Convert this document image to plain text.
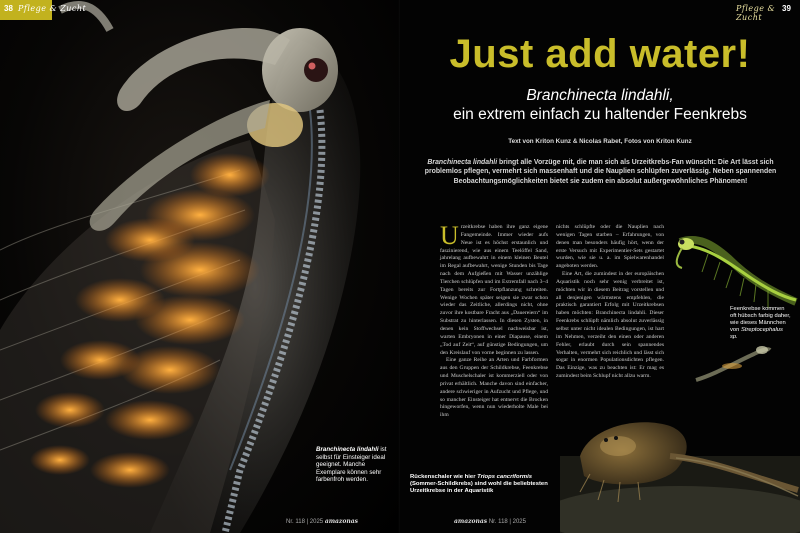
38 Pflege & Zucht
Branchinecta lindahli ist selbst für Einsteiger ideal geeignet. Manche Exemplare können sehr farbenfroh werden.
Nr. 118 | 2025 amazonas
Pflege & Zucht
39
Just add water!
Branchinecta lindahli,
ein extrem einfach zu haltender Feenkrebs
Text von Kriton Kunz & Nicolas Rabet, Fotos von Kriton Kunz
Branchinecta lindahli bringt alle Vorzüge mit, die man sich als Urzeitkrebs-Fan wünscht: Die Art lässt sich problemlos pflegen, vermehrt sich massenhaft und die Nauplien schlüpfen zuverlässig. Neben spannenden Beobachtungsmöglichkeiten bietet sie zudem ein absolut außergewöhnliches Phänomen!
U rzeitkrebse haben ihre ganz eigene Fangemeinde. Immer wieder aufs Neue ist es höchst erstaunlich und faszinierend, wie aus einem Teelöffel Sand, jahrelang aufbewahrt in einem kleinen Beutel im Regal aufbewahrt, wenige Stunden bis Tage nach dem Aufgießen mit Wasser unzählige Tierchen schlüpfen und im Extremfall nach 3–4 Tagen bereits zur Fortpflanzung schreiten. Wenige Wochen später seigen sie zwar schon wieder das Zeitliche, allerdings nicht, ohne zuvor ihre kostbare Fracht aus „Dauereiern“ im Substrat zu hinterlassen. In diesen Zysten, in denen kein Stoffwechsel nachweisbar ist, warten Embryonen in einer Diapause, einem „Tod auf Zeit“, auf günstige Bedingungen, um den Kreislauf von vorne beginnen zu lassen.

Eine ganze Reihe an Arten und Farbformen aus den Gruppen der Schildkrebse, Feenkrebse und Muschelschaler ist kommerziell oder von privat erhältlich. Manche davon sind einfacher, andere schwieriger in Aufzucht und Pflege, und so mancher Einsteiger hat entnervt die Brocken hingeworfen, wenn nun wiederholte Male bei ihm

nichts schlüpfte oder die Nauplien nach wenigen Tagen starben – Erfahrungen, von denen man besonders häufig hört, wenn der erste Versuch mit Experimentier-Sets gestartet wurden, wie sie u. a. im Spielwarenhandel angeboten werden.

Eine Art, die zumindest in der europäischen Aquaristik noch sehr wenig verbreitet ist, möchten wir in diesem Beitrag vorstellen und all denjenigen wärmstens empfehlen, die praktisch garantiert Erfolg mit Urzeitkrebsen haben möchten: Branchinecta lindahli. Dieser Feenkrebs schlüpft nämlich absolut zuverlässig selbst unter nicht idealen Bedingungen, ist hart im Nehmen, verzeiht den einen oder anderen Fehler, erlaubt durch sein spannendes Verhalten, vermehrt sich reichlich und lässt sich sogar in enormen Populationsdichten pflegen. Das Einzige, was zu beachten ist: Er mag es zumindest beim Schlupf nicht allzu warm.

Feenkrebse kommen oft hübsch farbig daher, wie dieses Männchen von Streptocephalus sp.
Rückenschaler wie hier Triops cancriformis (Sommer-Schildkrebs) sind wohl die beliebtesten Urzeitkrebse in der Aquaristik
amazonas Nr. 118 | 2025
